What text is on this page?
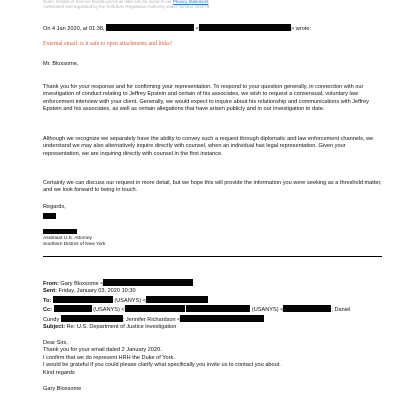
Gunn. Details of how we handle personal data can be found in our Privacy Statement
Authorised and regulated by the Solicitors Regulation Authority under number 462078.
On 4 Jan 2020, at 01:38,	<	> wrote:
External email: is it safe to open attachments and links?
Mr. Bloxsome,

Thank you for your response and for confirming your representation. To respond to your question generally, in connection with our investigation of conduct relating to Jeffrey Epstein and certain of his associates, we wish to request a consensual, voluntary law enforcement interview with your client. Generally, we would expect to inquire about his relationship and communications with Jeffrey Epstein and his associates, as well as certain allegations that have arisen publicly and in our investigation to date.

Although we recognize we separately have the ability to convey such a request through diplomatic and law enforcement channels, we understand we may also alternatively inquire directly with counsel, when an individual has legal representation. Given your representation, we are inquiring directly with counsel in the first instance.

Certainly we can discuss our request in more detail, but we hope this will provide the information you were seeking as a threshold matter, and we look forward to being in touch.

Regards,
Assistant U.S. Attorney
Southern District of New York
From: Gary Bloxsome <
Sent: Friday, January 03, 2020 10:30
To:	(USANYS) <
Cc:	(USANYS) <	(USANYS) <	; Daniel
Cundy	; Jennifer Richardson <
Subject: Re: U.S. Department of Justice investigation
Dear Sirs,
Thank you for your email dated 2 January 2020.
I confirm that we do represent HRH the Duke of York.
I would be grateful if you could please clarify what specifically you invite us to contact you about.
Kind regards
Gary Bloxsome
